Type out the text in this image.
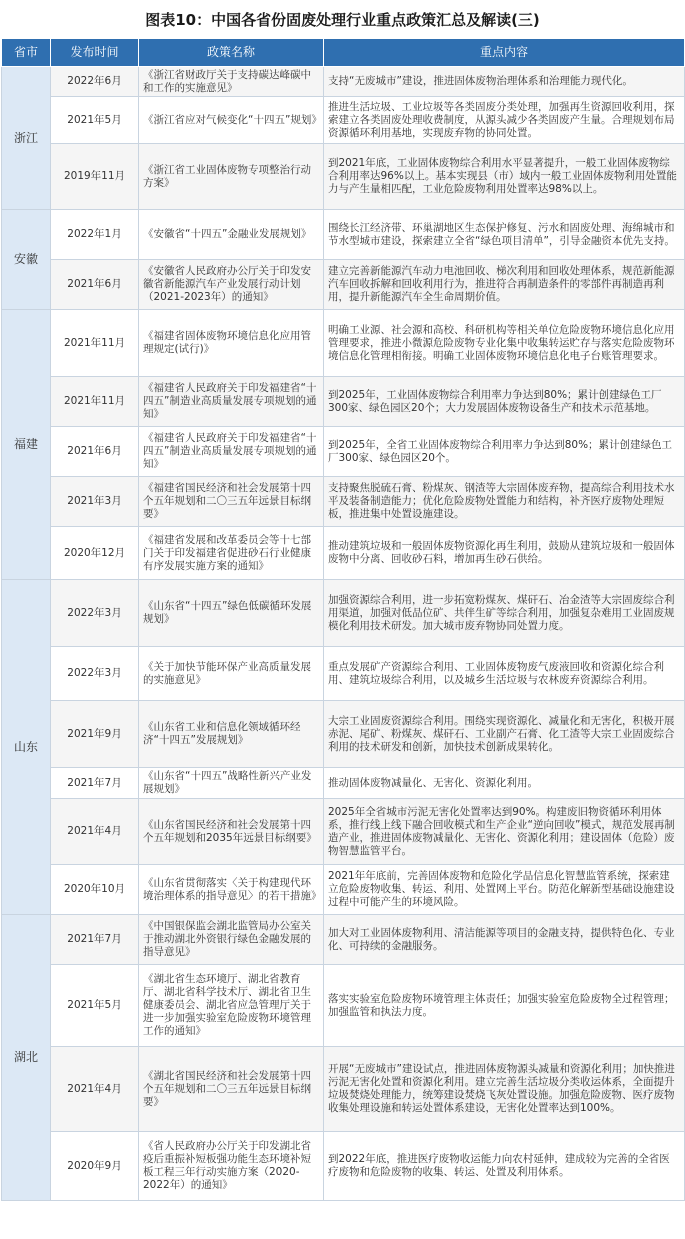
图表10：中国各省份固废处理行业重点政策汇总及解读(三)
省市	发布时间	政策名称	重点内容
浙江	2022年6月	《浙江省财政厅关于支持碳达峰碳中和工作的实施意见》	支持“无废城市”建设，推进固体废物治理体系和治理能力现代化。
	2021年5月	《浙江省应对气候变化“十四五”规划》	推进生活垃圾、工业垃圾等各类固废分类处理，加强再生资源回收利用，探索建立各类固废处理收费制度，从源头减少各类固废产生量。合理规划布局资源循环利用基地，实现废弃物的协同处置。
	2019年11月	《浙江省工业固体废物专项整治行动方案》	到2021年底，工业固体废物综合利用水平显著提升，一般工业固体废物综合利用率达96%以上。基本实现县（市）域内一般工业固体废物利用处置能力与产生量相匹配，工业危险废物利用处置率达98%以上。
安徽	2022年1月	《安徽省“十四五”金融业发展规划》	围绕长江经济带、环巢湖地区生态保护修复、污水和固废处理、海绵城市和节水型城市建设，探索建立全省“绿色项目清单”，引导金融资本优先支持。
	2021年6月	《安徽省人民政府办公厅关于印发安徽省新能源汽车产业发展行动计划（2021-2023年）的通知》	建立完善新能源汽车动力电池回收、梯次利用和回收处理体系，规范新能源汽车回收拆解和回收利用行为，推进符合再制造条件的零部件再制造再利用，提升新能源汽车全生命周期价值。
福建	2021年11月	《福建省固体废物环境信息化应用管理规定(试行)》	明确工业源、社会源和高校、科研机构等相关单位危险废物环境信息化应用管理要求，推进小微源危险废物专业化集中收集转运贮存与落实危险废物环境信息化管理相衔接。明确工业固体废物环境信息化电子台账管理要求。
	2021年11月	《福建省人民政府关于印发福建省“十四五”制造业高质量发展专项规划的通知》	到2025年，工业固体废物综合利用率力争达到80%；累计创建绿色工厂300家、绿色园区20个；大力发展固体废物设备生产和技术示范基地。
	2021年6月	《福建省人民政府关于印发福建省“十四五”制造业高质量发展专项规划的通知》	到2025年，全省工业固体废物综合利用率力争达到80%；累计创建绿色工厂300家、绿色园区20个。
	2021年3月	《福建省国民经济和社会发展第十四个五年规划和二〇三五年远景目标纲要》	支持聚焦脱硫石膏、粉煤灰、钢渣等大宗固体废弃物，提高综合利用技术水平及装备制造能力；优化危险废物处置能力和结构，补齐医疗废物处理短板，推进集中处置设施建设。
	2020年12月	《福建省发展和改革委员会等十七部门关于印发福建省促进砂石行业健康有序发展实施方案的通知》	推动建筑垃圾和一般固体废物资源化再生利用，鼓励从建筑垃圾和一般固体废物中分离、回收砂石料，增加再生砂石供给。
山东	2022年3月	《山东省“十四五”绿色低碳循环发展规划》	加强资源综合利用，进一步拓宽粉煤灰、煤矸石、冶金渣等大宗固废综合利用渠道，加强对低品位矿、共伴生矿等综合利用，加强复杂难用工业固废规模化利用技术研发。加大城市废弃物协同处置力度。
	2022年3月	《关于加快节能环保产业高质量发展的实施意见》	重点发展矿产资源综合利用、工业固体废物废气废液回收和资源化综合利用、建筑垃圾综合利用，以及城乡生活垃圾与农林废弃资源综合利用。
	2021年9月	《山东省工业和信息化领域循环经济“十四五”发展规划》	大宗工业固废资源综合利用。围绕实现资源化、减量化和无害化，积极开展赤泥、尾矿、粉煤灰、煤矸石、工业副产石膏、化工渣等大宗工业固废综合利用的技术研发和创新，加快技术创新成果转化。
	2021年7月	《山东省“十四五”战略性新兴产业发展规划》	推动固体废物减量化、无害化、资源化利用。
	2021年4月	《山东省国民经济和社会发展第十四个五年规划和2035年远景目标纲要》	2025年全省城市污泥无害化处置率达到90%。构建废旧物资循环利用体系，推行线上线下融合回收模式和生产企业“逆向回收”模式，规范发展再制造产业，推进固体废物减量化、无害化、资源化利用；建设固体（危险）废物智慧监管平台。
	2020年10月	《山东省贯彻落实〈关于构建现代环境治理体系的指导意见〉的若干措施》	2021年年底前，完善固体废物和危险化学品信息化智慧监管系统，探索建立危险废物收集、转运、利用、处置网上平台。防范化解新型基础设施建设过程中可能产生的环境风险。
湖北	2021年7月	《中国银保监会湖北监管局办公室关于推动湖北外资银行绿色金融发展的指导意见》	加大对工业固体废物利用、清洁能源等项目的金融支持，提供特色化、专业化、可持续的金融服务。
	2021年5月	《湖北省生态环境厅、湖北省教育厅、湖北省科学技术厅、湖北省卫生健康委员会、湖北省应急管理厅关于进一步加强实验室危险废物环境管理工作的通知》	落实实验室危险废物环境管理主体责任；加强实验室危险废物全过程管理；加强监管和执法力度。
	2021年4月	《湖北省国民经济和社会发展第十四个五年规划和二〇三五年远景目标纲要》	开展“无废城市”建设试点，推进固体废物源头减量和资源化利用；加快推进污泥无害化处置和资源化利用。建立完善生活垃圾分类收运体系，全面提升垃圾焚烧处理能力，统筹建设焚烧飞灰处置设施。加强危险废物、医疗废物收集处理设施和转运处置体系建设，无害化处置率达到100%。
	2020年9月	《省人民政府办公厅关于印发湖北省疫后重振补短板强功能生态环境补短板工程三年行动实施方案（2020-2022年）的通知》	到2022年底，推进医疗废物收运能力向农村延伸，建成较为完善的全省医疗废物和危险废物的收集、转运、处置及利用体系。
